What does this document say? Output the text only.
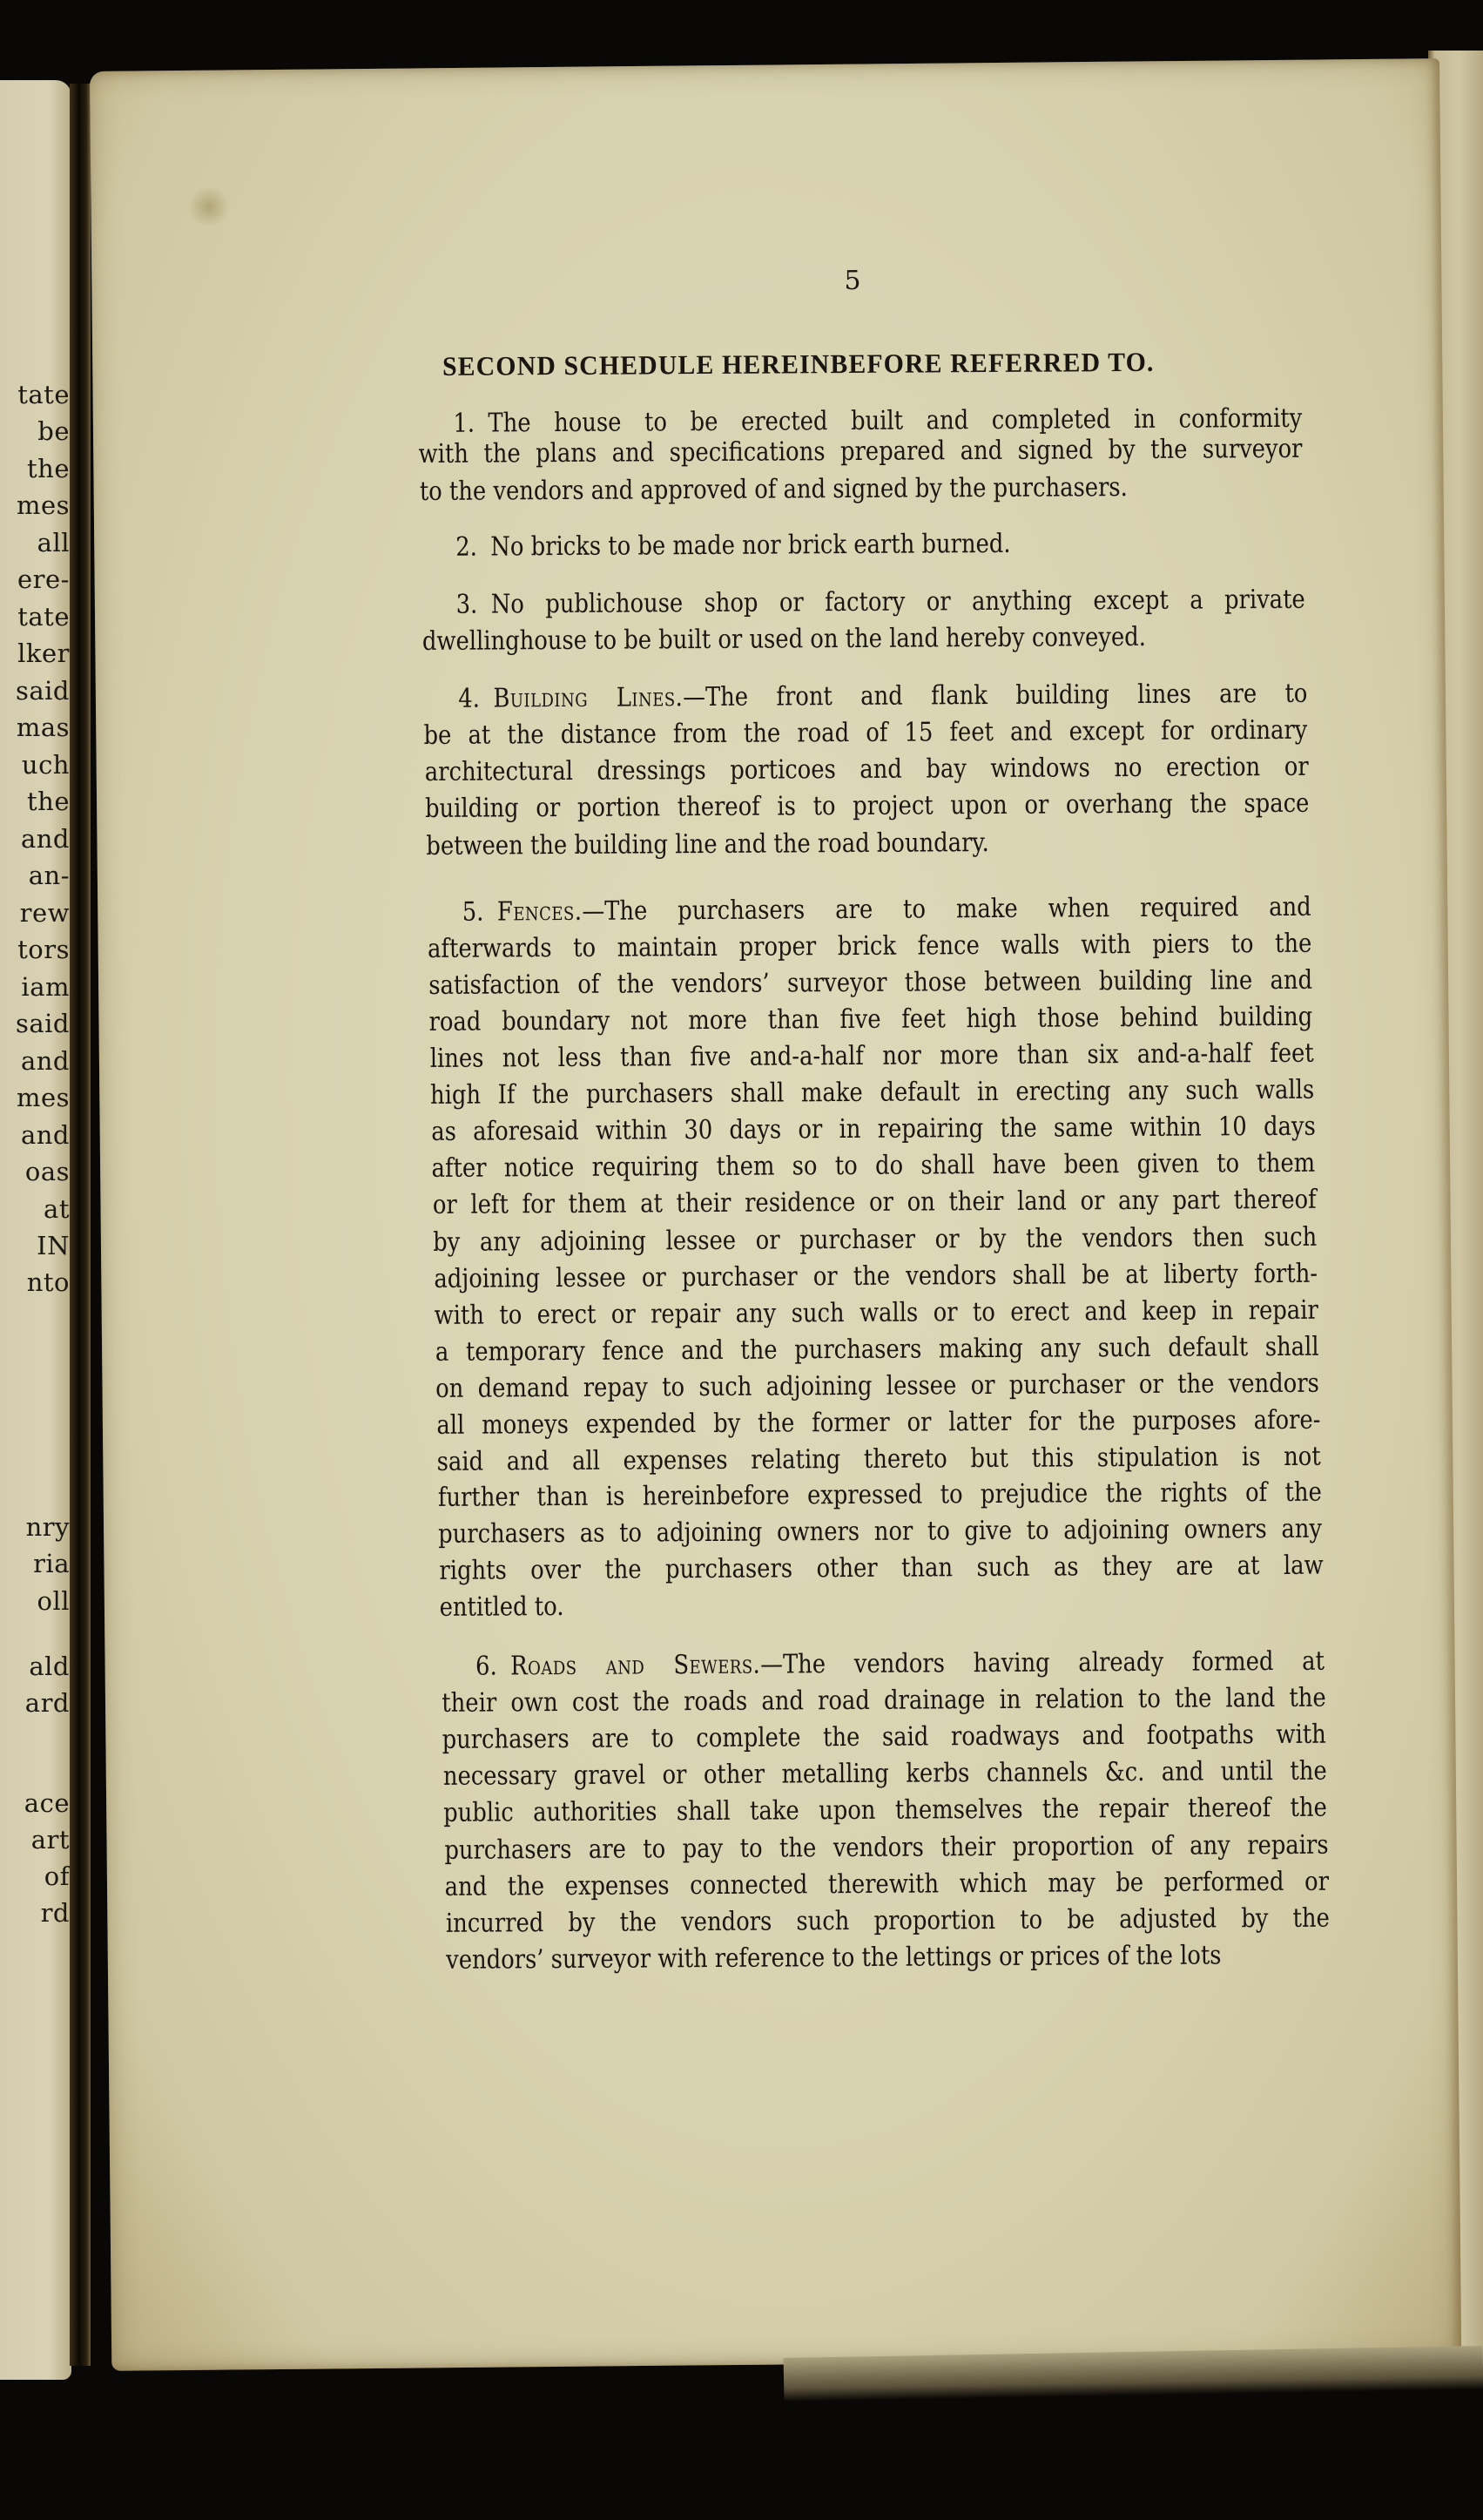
tate
be
the
mes
all
ere-
tate
lker
said
mas
uch
the
and
an-
rew
tors
iam
said
and
mes
and
oas
at
IN
nto
nry
ria
oll
ald
ard
ace
art
of
rd
5
SECOND SCHEDULE HEREINBEFORE REFERRED TO.
1. The house to be erected built and completed in conformity
with the plans and specifications prepared and signed by the surveyor
to the vendors and approved of and signed by the purchasers.
2. No bricks to be made nor brick earth burned.
3. No publichouse shop or factory or anything except a private
dwellinghouse to be built or used on the land hereby conveyed.
4. Building Lines.—The front and flank building lines are to
be at the distance from the road of 15 feet and except for ordinary
architectural dressings porticoes and bay windows no erection or
building or portion thereof is to project upon or overhang the space
between the building line and the road boundary.
5. Fences.—The purchasers are to make when required and
afterwards to maintain proper brick fence walls with piers to the
satisfaction of the vendors’ surveyor those between building line and
road boundary not more than five feet high those behind building
lines not less than five and-a-half nor more than six and-a-half feet
high If the purchasers shall make default in erecting any such walls
as aforesaid within 30 days or in repairing the same within 10 days
after notice requiring them so to do shall have been given to them
or left for them at their residence or on their land or any part thereof
by any adjoining lessee or purchaser or by the vendors then such
adjoining lessee or purchaser or the vendors shall be at liberty forth-
with to erect or repair any such walls or to erect and keep in repair
a temporary fence and the purchasers making any such default shall
on demand repay to such adjoining lessee or purchaser or the vendors
all moneys expended by the former or latter for the purposes afore-
said and all expenses relating thereto but this stipulation is not
further than is hereinbefore expressed to prejudice the rights of the
purchasers as to adjoining owners nor to give to adjoining owners any
rights over the purchasers other than such as they are at law
entitled to.
6. Roads and Sewers.—The vendors having already formed at
their own cost the roads and road drainage in relation to the land the
purchasers are to complete the said roadways and footpaths with
necessary gravel or other metalling kerbs channels &c. and until the
public authorities shall take upon themselves the repair thereof the
purchasers are to pay to the vendors their proportion of any repairs
and the expenses connected therewith which may be performed or
incurred by the vendors such proportion to be adjusted by the
vendors’ surveyor with reference to the lettings or prices of the lots
